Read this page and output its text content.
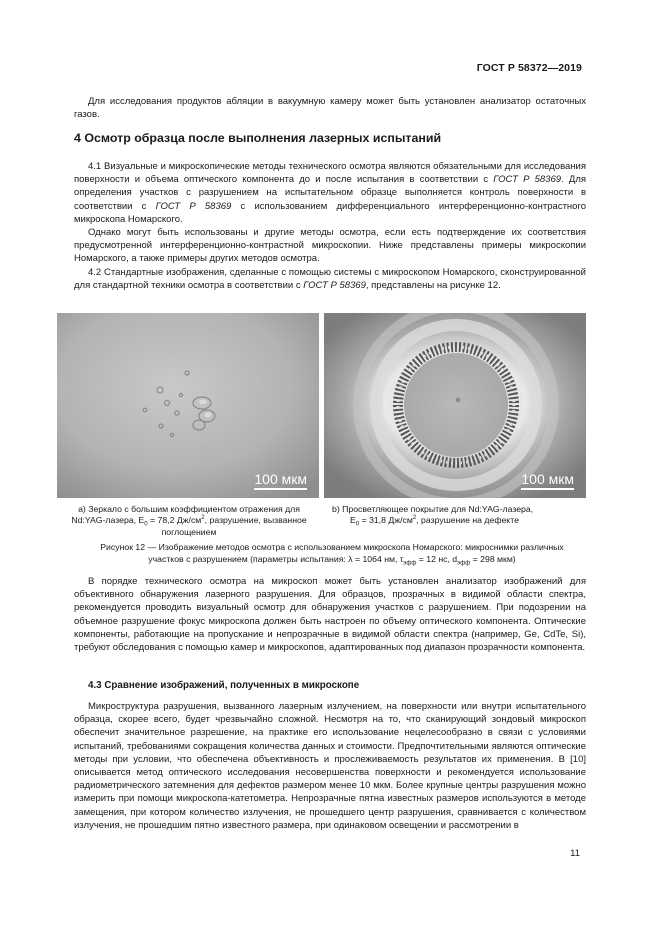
ГОСТ Р 58372—2019

Для исследования продуктов абляции в вакуумную камеру может быть установлен анализатор остаточных газов.

4 Осмотр образца после выполнения лазерных испытаний

4.1 Визуальные и микроскопические методы технического осмотра являются обязательными для исследования поверхности и объема оптического компонента до и после испытания в соответствии с ГОСТ Р 58369. Для определения участков с разрушением на испытательном образце выполняется контроль поверхности в соответствии с ГОСТ Р 58369 с использованием дифференциального интерференционно-контрастного микроскопа Номарского.

Однако могут быть использованы и другие методы осмотра, если есть подтверждение их соответствия предусмотренной интерференционно-контрастной микроскопии. Ниже представлены примеры микроскопии Номарского, а также примеры других методов осмотра.

4.2 Стандартные изображения, сделанные с помощью системы с микроскопом Номарского, сконструированной для стандартной техники осмотра в соответствии с ГОСТ Р 58369, представлены на рисунке 12.

100 мкм	100 мкм
a) Зеркало с большим коэффициентом отражения для
Nd:YAG-лазера, $E_0 = 78,2$ $Дж/см^2$, разрушение, вызванное
поглощением
b) Просветляющее покрытие для Nd:YAG-лазера,
$E_0 = 31,8$ $Дж/см^2$, разрушение на дефекте
Рисунок 12 — Изображение методов осмотра с использованием микроскопа Номарского: микроснимки различных
участков с разрушением (параметры испытания: λ = 1064 нм, $\tau_{эфф} = 12$ нс, $d_{эфф} = 298$ мкм)

В порядке технического осмотра на микроскоп может быть установлен анализатор изображений для объективного обнаружения лазерного разрушения. Для образцов, прозрачных в видимой области спектра, рекомендуется проводить визуальный осмотр для обнаружения участков с разрушением. При подозрении на объемное разрушение фокус микроскопа должен быть настроен по объему оптического компонента. Оптические компоненты, работающие на пропускание и непрозрачные в видимой области спектра (например, Ge, CdTe, Si), требуют обследования с помощью камер и микроскопов, адаптированных под диапазон прозрачности компонента.

4.3 Сравнение изображений, полученных в микроскопе

Микроструктура разрушения, вызванного лазерным излучением, на поверхности или внутри испытательного образца, скорее всего, будет чрезвычайно сложной. Несмотря на то, что сканирующий зондовый микроскоп обеспечит значительное разрешение, на практике его использование нецелесообразно в связи с условиями испытаний, требованиями сокращения количества данных и стоимости. Предпочтительными являются оптические методы при условии, что обеспечена объективность и прослеживаемость результатов их применения. В [10] описывается метод оптического исследования несовершенства поверхности и рекомендуется использование радиометрического затемнения для дефектов размером менее 10 мкм. Более крупные центры разрушения можно измерить при помощи микроскопа-катетометра. Непрозрачные пятна известных размеров используются в методе замещения, при котором количество излучения, не прошедшего центр разрушения, сравнивается с количеством излучения, не прошедшим пятно известного размера, при одинаковом освещении и рассмотрении в

11
